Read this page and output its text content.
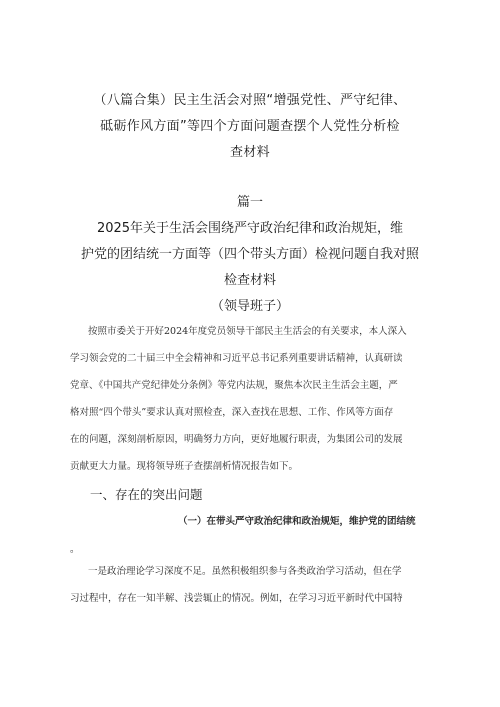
（八篇合集）民主生活会对照“增强党性、严守纪律、
砥砺作风方面”等四个方面问题查摆个人党性分析检
查材料
篇一
2025年关于生活会围绕严守政治纪律和政治规矩，维
护党的团结统一方面等（四个带头方面）检视问题自我对照
检查材料
（领导班子）
按照市委关于开好2024年度党员领导干部民主生活会的有关要求，本人深入
学习领会党的二十届三中全会精神和习近平总书记系列重要讲话精神，认真研读
党章、《中国共产党纪律处分条例》等党内法规，聚焦本次民主生活会主题，严
格对照“四个带头”要求认真对照检查，深入查找在思想、工作、作风等方面存
在的问题，深刻剖析原因，明确努力方向，更好地履行职责，为集团公司的发展
贡献更大力量。现将领导班子查摆剖析情况报告如下。
一、存在的突出问题
（一）在带头严守政治纪律和政治规矩，维护党的团结统
。
一是政治理论学习深度不足。虽然积极组织参与各类政治学习活动，但在学
习过程中，存在一知半解、浅尝辄止的情况。例如，在学习习近平新时代中国特
